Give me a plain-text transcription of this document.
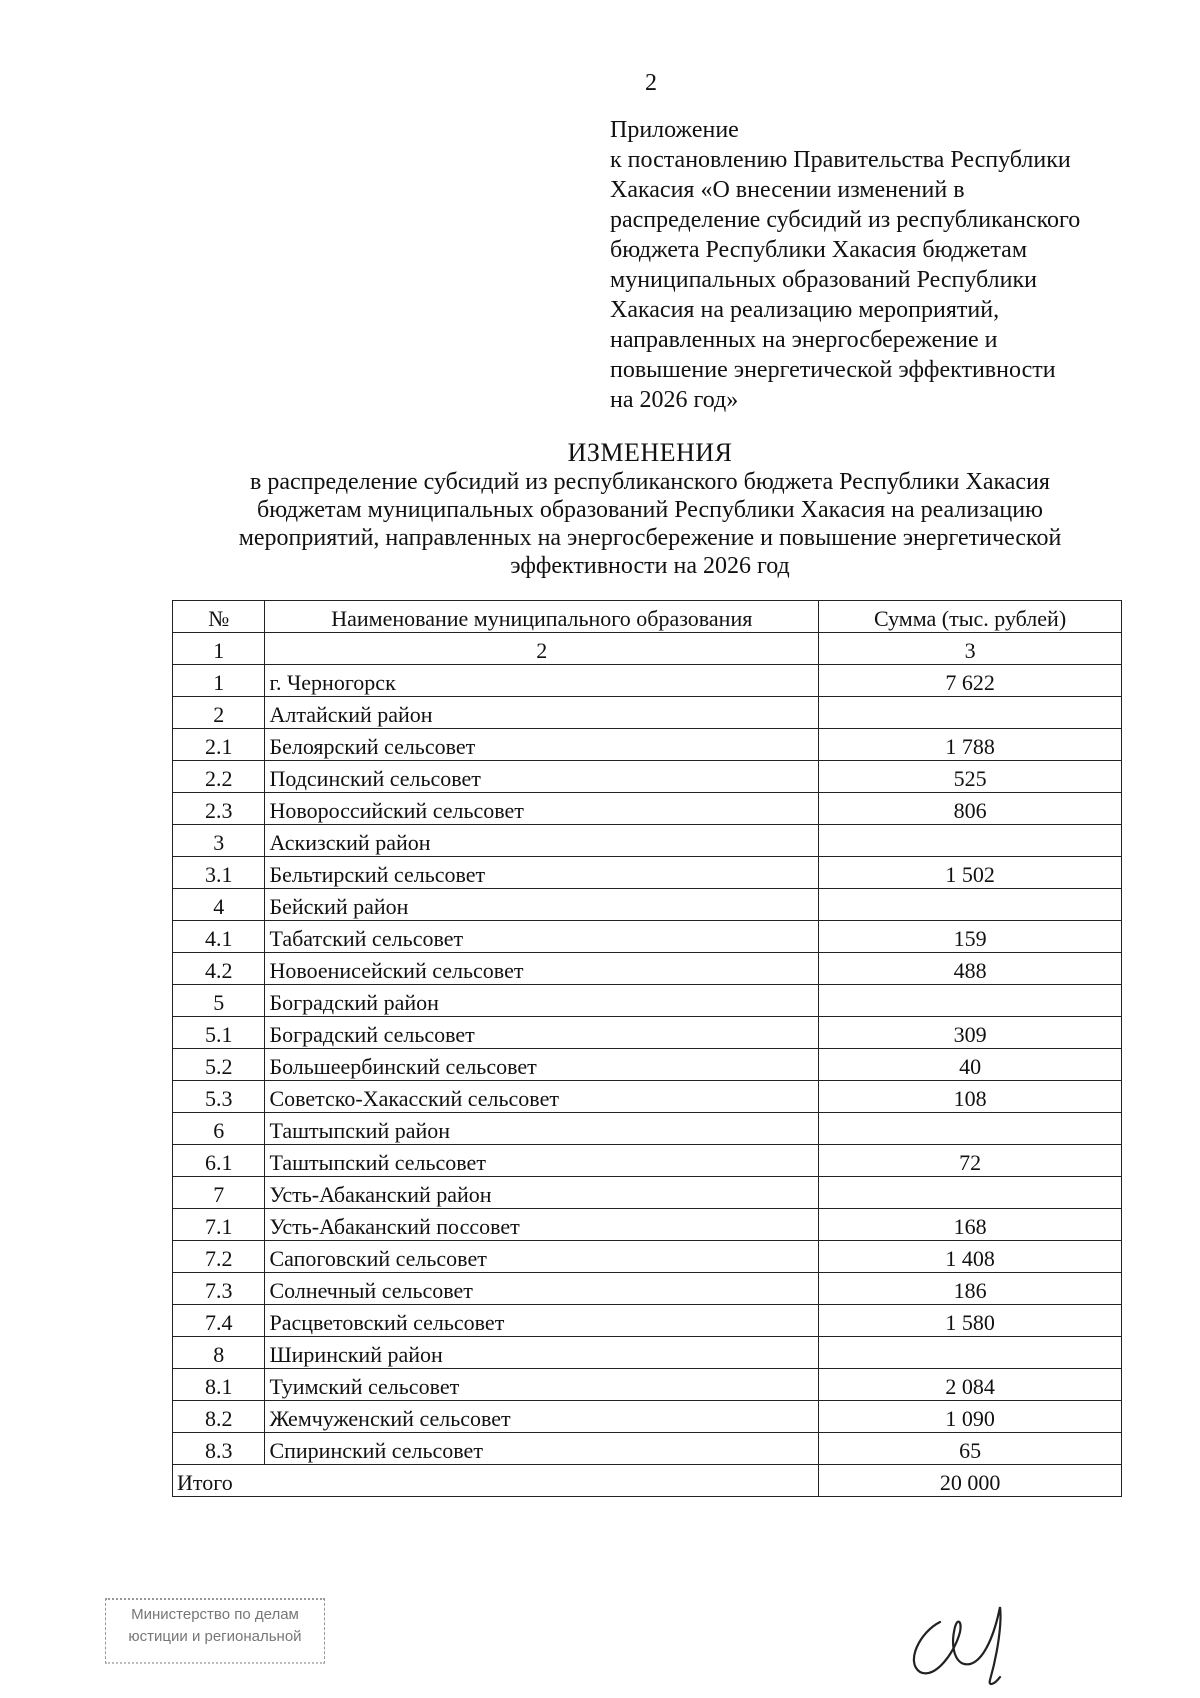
2
Приложение
к постановлению Правительства Республики
Хакасия «О внесении изменений в
распределение субсидий из республиканского
бюджета Республики Хакасия бюджетам
муниципальных образований Республики
Хакасия на реализацию мероприятий,
направленных на энергосбережение и
повышение энергетической эффективности
на 2026 год»
ИЗМЕНЕНИЯ
в распределение субсидий из республиканского бюджета Республики Хакасия
бюджетам муниципальных образований Республики Хакасия на реализацию
мероприятий, направленных на энергосбережение и повышение энергетической
эффективности на 2026 год
№	Наименование муниципального образования	Сумма (тыс. рублей)
1	2	3
1	г. Черногорск	7 622
2	Алтайский район	
2.1	Белоярский сельсовет	1 788
2.2	Подсинский сельсовет	525
2.3	Новороссийский сельсовет	806
3	Аскизский район	
3.1	Бельтирский сельсовет	1 502
4	Бейский район	
4.1	Табатский сельсовет	159
4.2	Новоенисейский сельсовет	488
5	Боградский район	
5.1	Боградский сельсовет	309
5.2	Большеербинский сельсовет	40
5.3	Советско-Хакасский сельсовет	108
6	Таштыпский район	
6.1	Таштыпский сельсовет	72
7	Усть-Абаканский район	
7.1	Усть-Абаканский поссовет	168
7.2	Сапоговский сельсовет	1 408
7.3	Солнечный сельсовет	186
7.4	Расцветовский сельсовет	1 580
8	Ширинский район	
8.1	Туимский сельсовет	2 084
8.2	Жемчуженский сельсовет	1 090
8.3	Спиринский сельсовет	65
Итого		20 000
Министерство по делам
юстиции и региональной
